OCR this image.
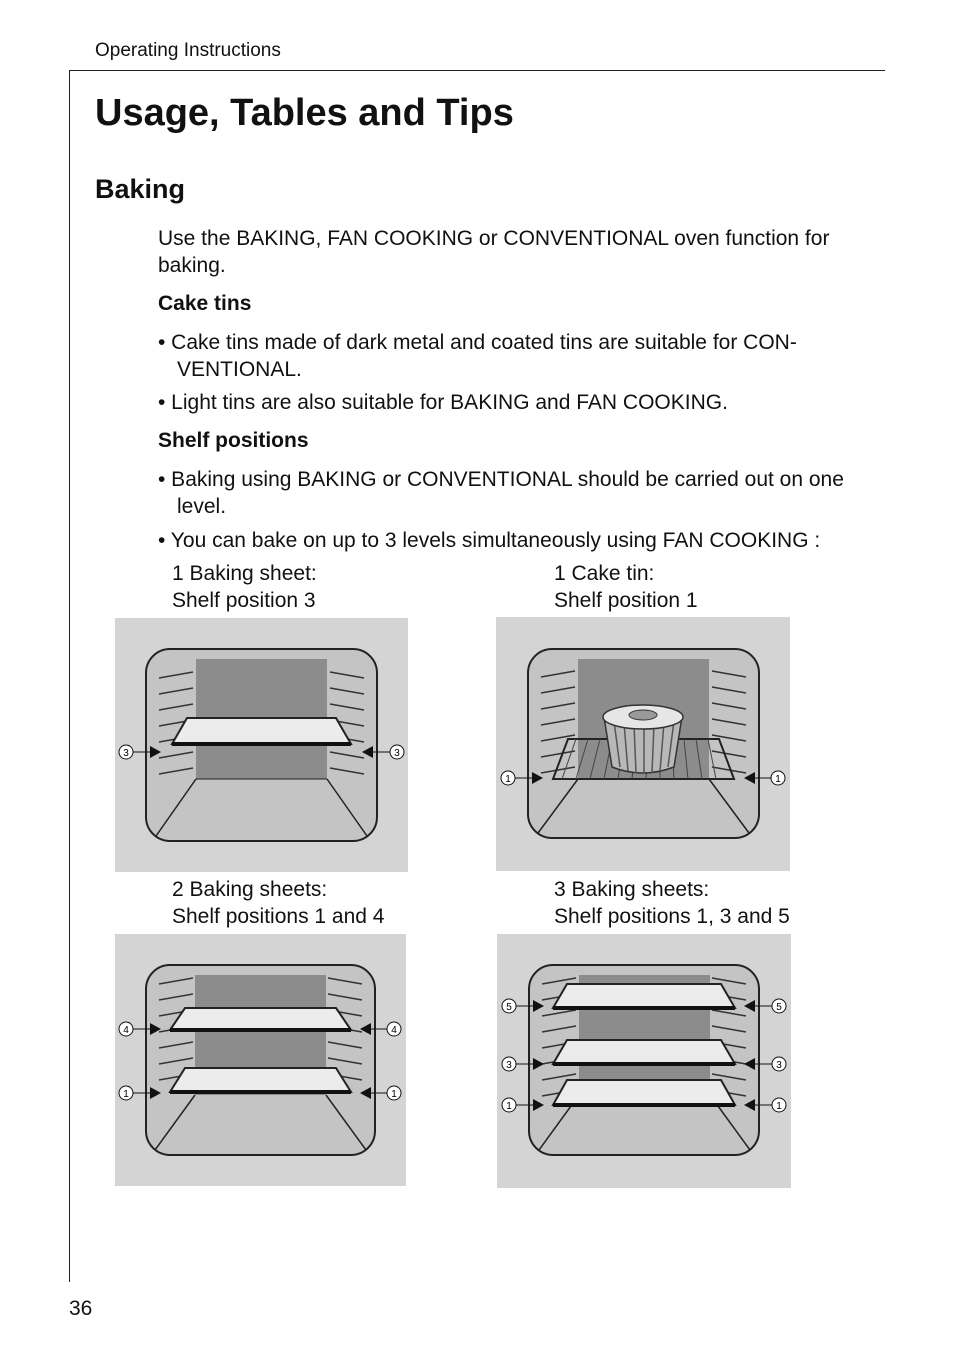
Operating Instructions
Usage, Tables and Tips
Baking
Use the BAKING, FAN COOKING or CONVENTIONAL oven function for baking.
Cake tins
• Cake tins made of dark metal and coated tins are suitable for CON-VENTIONAL.
• Light tins are also suitable for BAKING and FAN COOKING.
Shelf positions
• Baking using BAKING or CONVENTIONAL should be carried out on one level.
• You can bake on up to 3 levels simultaneously using FAN COOKING :
1 Baking sheet:
Shelf position 3
1 Cake tin:
Shelf position 1
2 Baking sheets:
Shelf positions 1 and 4
3 Baking sheets:
Shelf positions 1, 3 and 5
3	3
1	1
4	4
1	1
5	5
3	3
1	1
36
